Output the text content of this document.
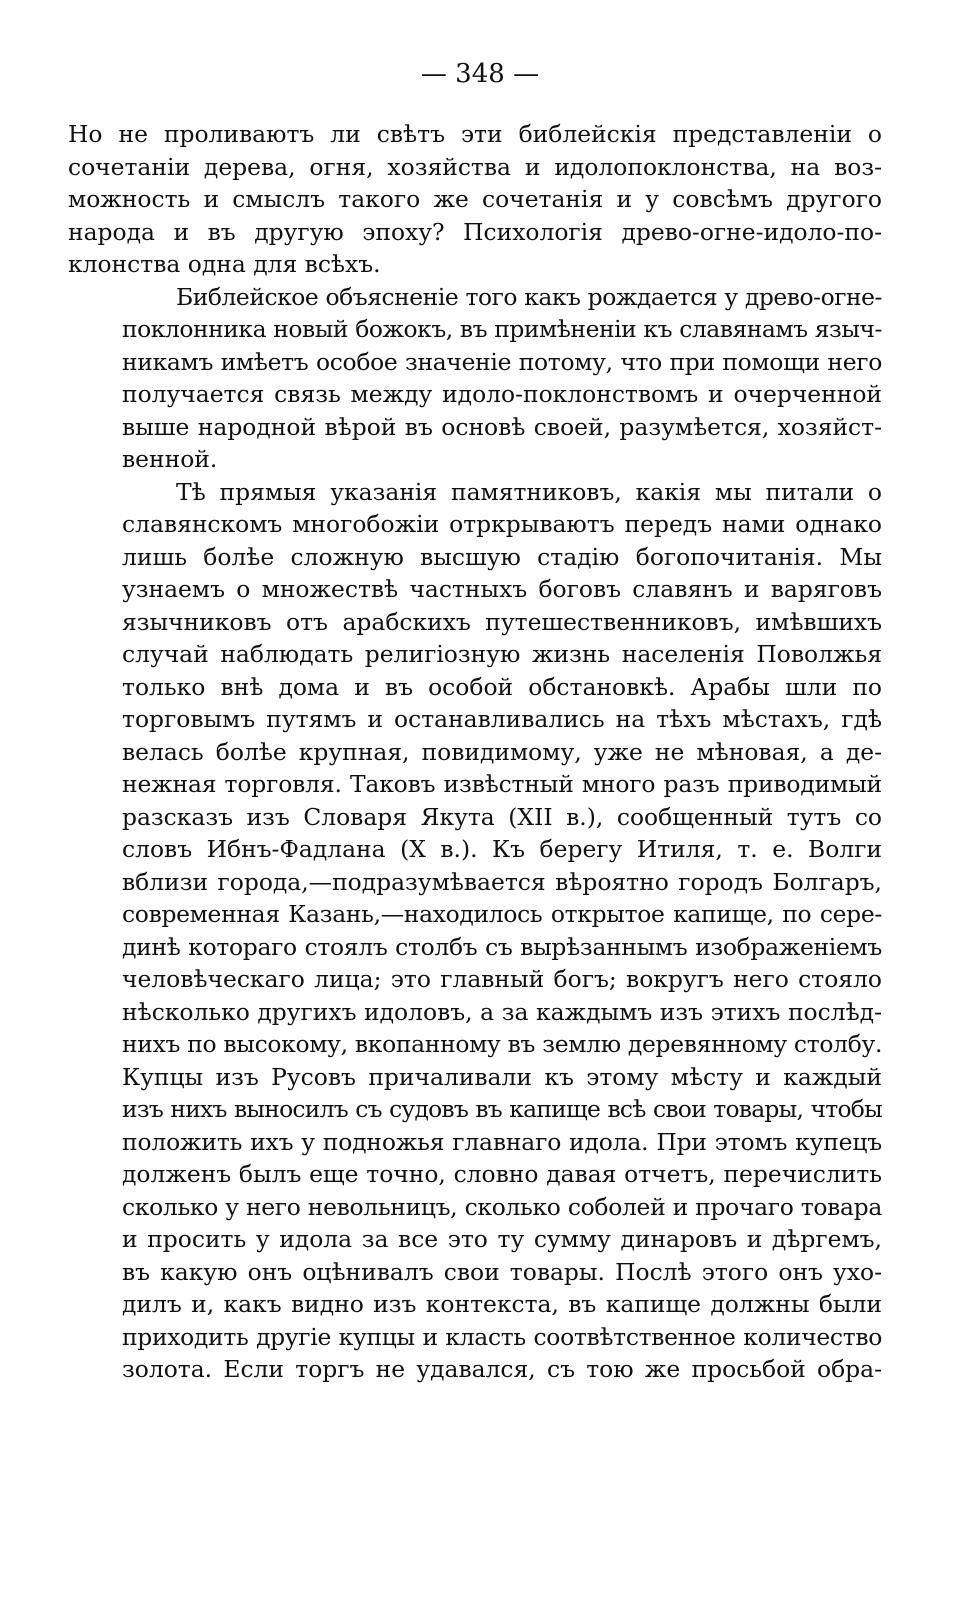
— 348 —
Но не проливаютъ ли свѣтъ эти библейскія представленіи о
сочетаніи дерева, огня, хозяйства и идолопоклонства, на воз-
можность и смыслъ такого же сочетанія и у совсѣмъ другого
народа и въ другую эпоху? Психологія древо-огне-идоло-по-
клонства одна для всѣхъ.
Библейское объясненіе того какъ рождается у древо-огне-
поклонника новый божокъ, въ примѣненіи къ славянамъ языч-
никамъ имѣетъ особое значеніе потому, что при помощи него
получается связь между идоло-поклонствомъ и очерченной
выше народной вѣрой въ основѣ своей, разумѣется, хозяйст-
венной.
Тѣ прямыя указанія памятниковъ, какія мы питали о
славянскомъ многобожіи отркрываютъ передъ нами однако
лишь болѣе сложную высшую стадію богопочитанія. Мы
узнаемъ о множествѣ частныхъ боговъ славянъ и варяговъ
язычниковъ отъ арабскихъ путешественниковъ, имѣвшихъ
случай наблюдать религіозную жизнь населенія Поволжья
только внѣ дома и въ особой обстановкѣ. Арабы шли по
торговымъ путямъ и останавливались на тѣхъ мѣстахъ, гдѣ
велась болѣе крупная, повидимому, уже не мѣновая, а де-
нежная торговля. Таковъ извѣстный много разъ приводимый
разсказъ изъ Словаря Якута (XII в.), сообщенный тутъ со
словъ Ибнъ-Фадлана (X в.). Къ берегу Итиля, т. е. Волги
вблизи города,—подразумѣвается вѣроятно городъ Болгаръ,
современная Казань,—находилось открытое капище, по сере-
динѣ котораго стоялъ столбъ съ вырѣзаннымъ изображеніемъ
человѣческаго лица; это главный богъ; вокругъ него стояло
нѣсколько другихъ идоловъ, а за каждымъ изъ этихъ послѣд-
нихъ по высокому, вкопанному въ землю деревянному столбу.
Купцы изъ Русовъ причаливали къ этому мѣсту и каждый
изъ нихъ выносилъ съ судовъ въ капище всѣ свои товары, чтобы
положить ихъ у подножья главнаго идола. При этомъ купецъ
долженъ былъ еще точно, словно давая отчетъ, перечислить
сколько у него невольницъ, сколько соболей и прочаго товара
и просить у идола за все это ту сумму динаровъ и дѣргемъ,
въ какую онъ оцѣнивалъ свои товары. Послѣ этого онъ ухо-
дилъ и, какъ видно изъ контекста, въ капище должны были
приходить другіе купцы и класть соотвѣтственное количество
золота. Если торгъ не удавался, съ тою же просьбой обра-
